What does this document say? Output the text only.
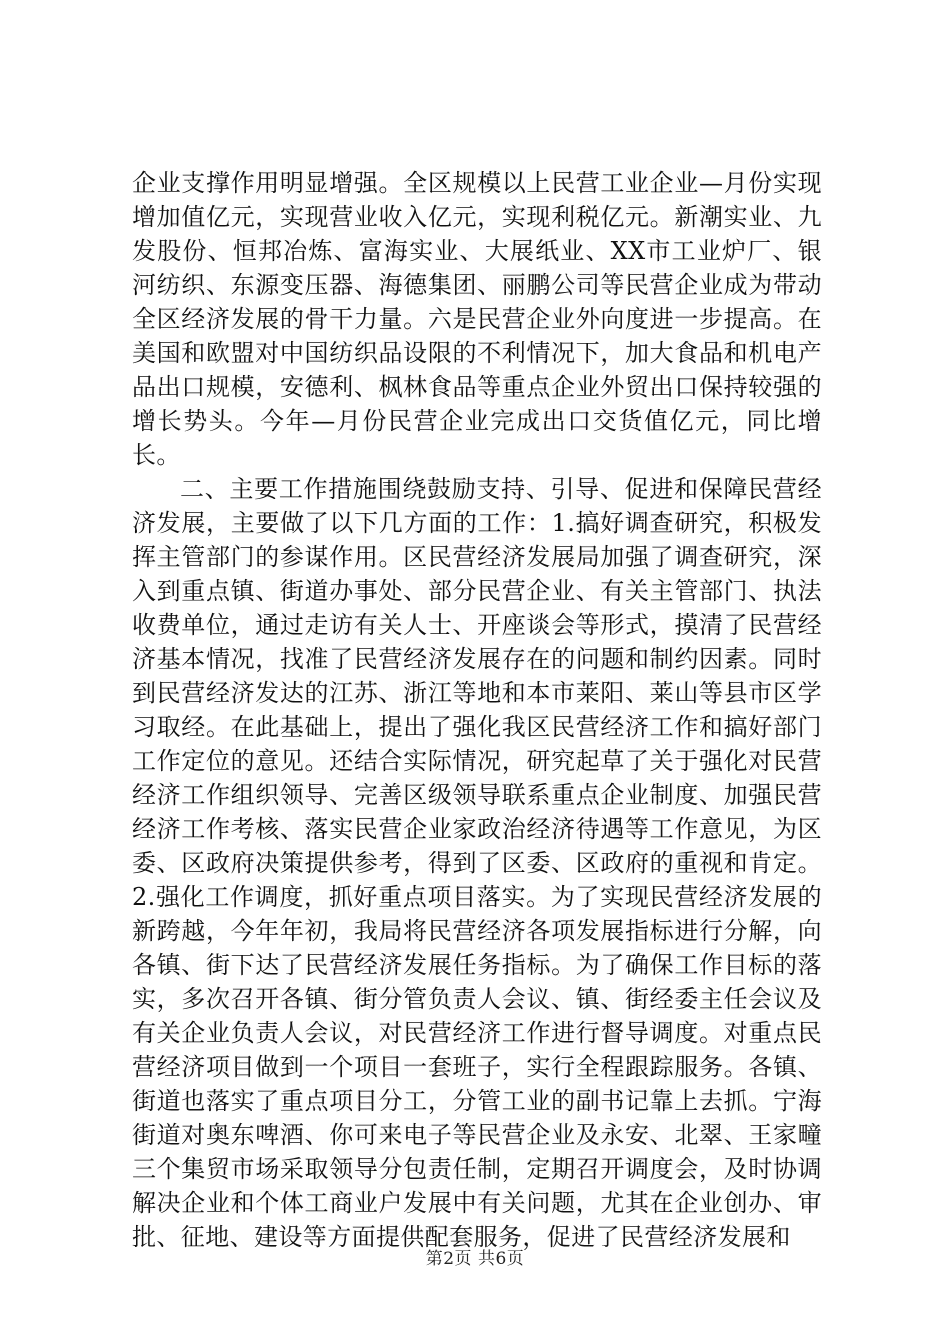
企业支撑作用明显增强。全区规模以上民营工业企业—月份实现增加值亿元，实现营业收入亿元，实现利税亿元。新潮实业、九发股份、恒邦冶炼、富海实业、大展纸业、XX市工业炉厂、银河纺织、东源变压器、海德集团、丽鹏公司等民营企业成为带动全区经济发展的骨干力量。六是民营企业外向度进一步提高。在美国和欧盟对中国纺织品设限的不利情况下，加大食品和机电产品出口规模，安德利、枫林食品等重点企业外贸出口保持较强的增长势头。今年—月份民营企业完成出口交货值亿元，同比增长。

二、主要工作措施围绕鼓励支持、引导、促进和保障民营经济发展，主要做了以下几方面的工作：1.搞好调查研究，积极发挥主管部门的参谋作用。区民营经济发展局加强了调查研究，深入到重点镇、街道办事处、部分民营企业、有关主管部门、执法收费单位，通过走访有关人士、开座谈会等形式，摸清了民营经济基本情况，找准了民营经济发展存在的问题和制约因素。同时到民营经济发达的江苏、浙江等地和本市莱阳、莱山等县市区学习取经。在此基础上，提出了强化我区民营经济工作和搞好部门工作定位的意见。还结合实际情况，研究起草了关于强化对民营经济工作组织领导、完善区级领导联系重点企业制度、加强民营经济工作考核、落实民营企业家政治经济待遇等工作意见，为区委、区政府决策提供参考，得到了区委、区政府的重视和肯定。2.强化工作调度，抓好重点项目落实。为了实现民营经济发展的新跨越，今年年初，我局将民营经济各项发展指标进行分解，向各镇、街下达了民营经济发展任务指标。为了确保工作目标的落实，多次召开各镇、街分管负责人会议、镇、街经委主任会议及有关企业负责人会议，对民营经济工作进行督导调度。对重点民营经济项目做到一个项目一套班子，实行全程跟踪服务。各镇、街道也落实了重点项目分工，分管工业的副书记靠上去抓。宁海街道对奥东啤酒、你可来电子等民营企业及永安、北翠、王家疃三个集贸市场采取领导分包责任制，定期召开调度会，及时协调解决企业和个体工商业户发展中有关问题，尤其在企业创办、审批、征地、建设等方面提供配套服务，促进了民营经济发展和

第2页 共6页
